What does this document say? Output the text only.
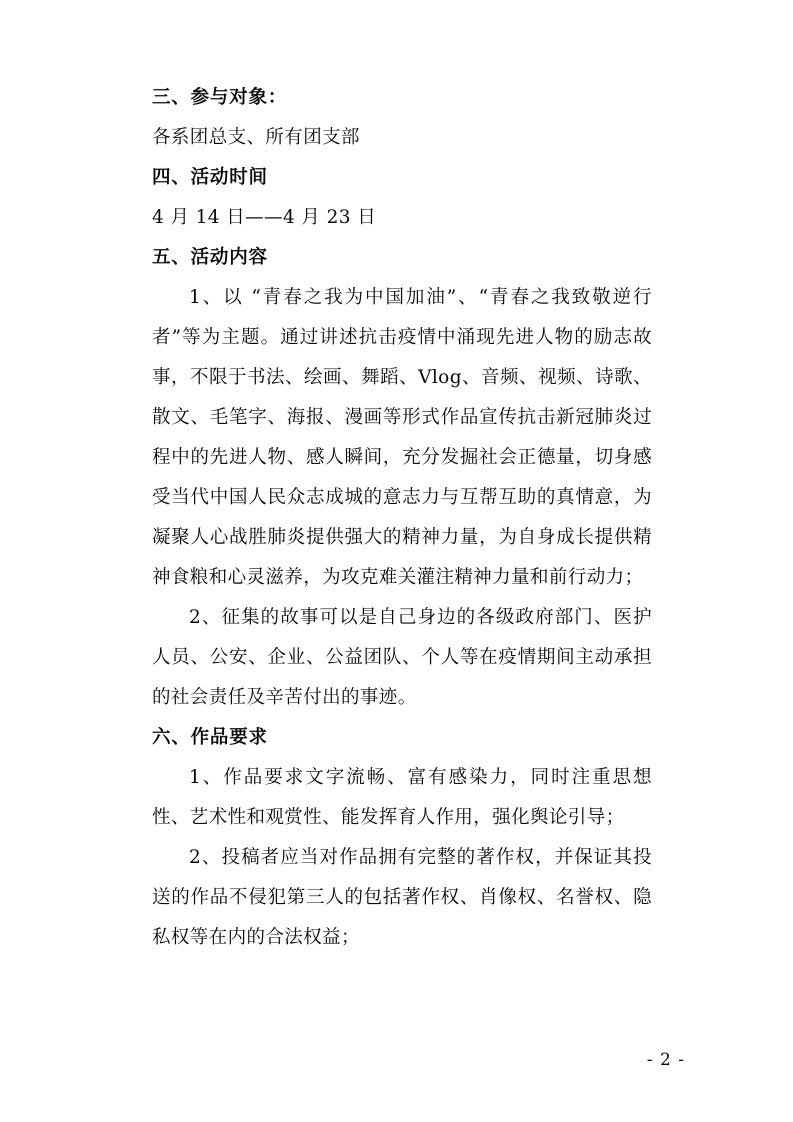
三、参与对象：
各系团总支、所有团支部
四、活动时间
4 月 14 日——4 月 23 日
五、活动内容
1、以 “青春之我为中国加油”、“青春之我致敬逆行者”等为主题。通过讲述抗击疫情中涌现先进人物的励志故事，不限于书法、绘画、舞蹈、Vlog、音频、视频、诗歌、散文、毛笔字、海报、漫画等形式作品宣传抗击新冠肺炎过程中的先进人物、感人瞬间，充分发掘社会正德量，切身感受当代中国人民众志成城的意志力与互帮互助的真情意，为凝聚人心战胜肺炎提供强大的精神力量，为自身成长提供精神食粮和心灵滋养，为攻克难关灌注精神力量和前行动力；
2、征集的故事可以是自己身边的各级政府部门、医护人员、公安、企业、公益团队、个人等在疫情期间主动承担的社会责任及辛苦付出的事迹。
六、作品要求
1、作品要求文字流畅、富有感染力，同时注重思想性、艺术性和观赏性、能发挥育人作用，强化舆论引导；
2、投稿者应当对作品拥有完整的著作权，并保证其投送的作品不侵犯第三人的包括著作权、肖像权、名誉权、隐私权等在内的合法权益；
- 2 -
